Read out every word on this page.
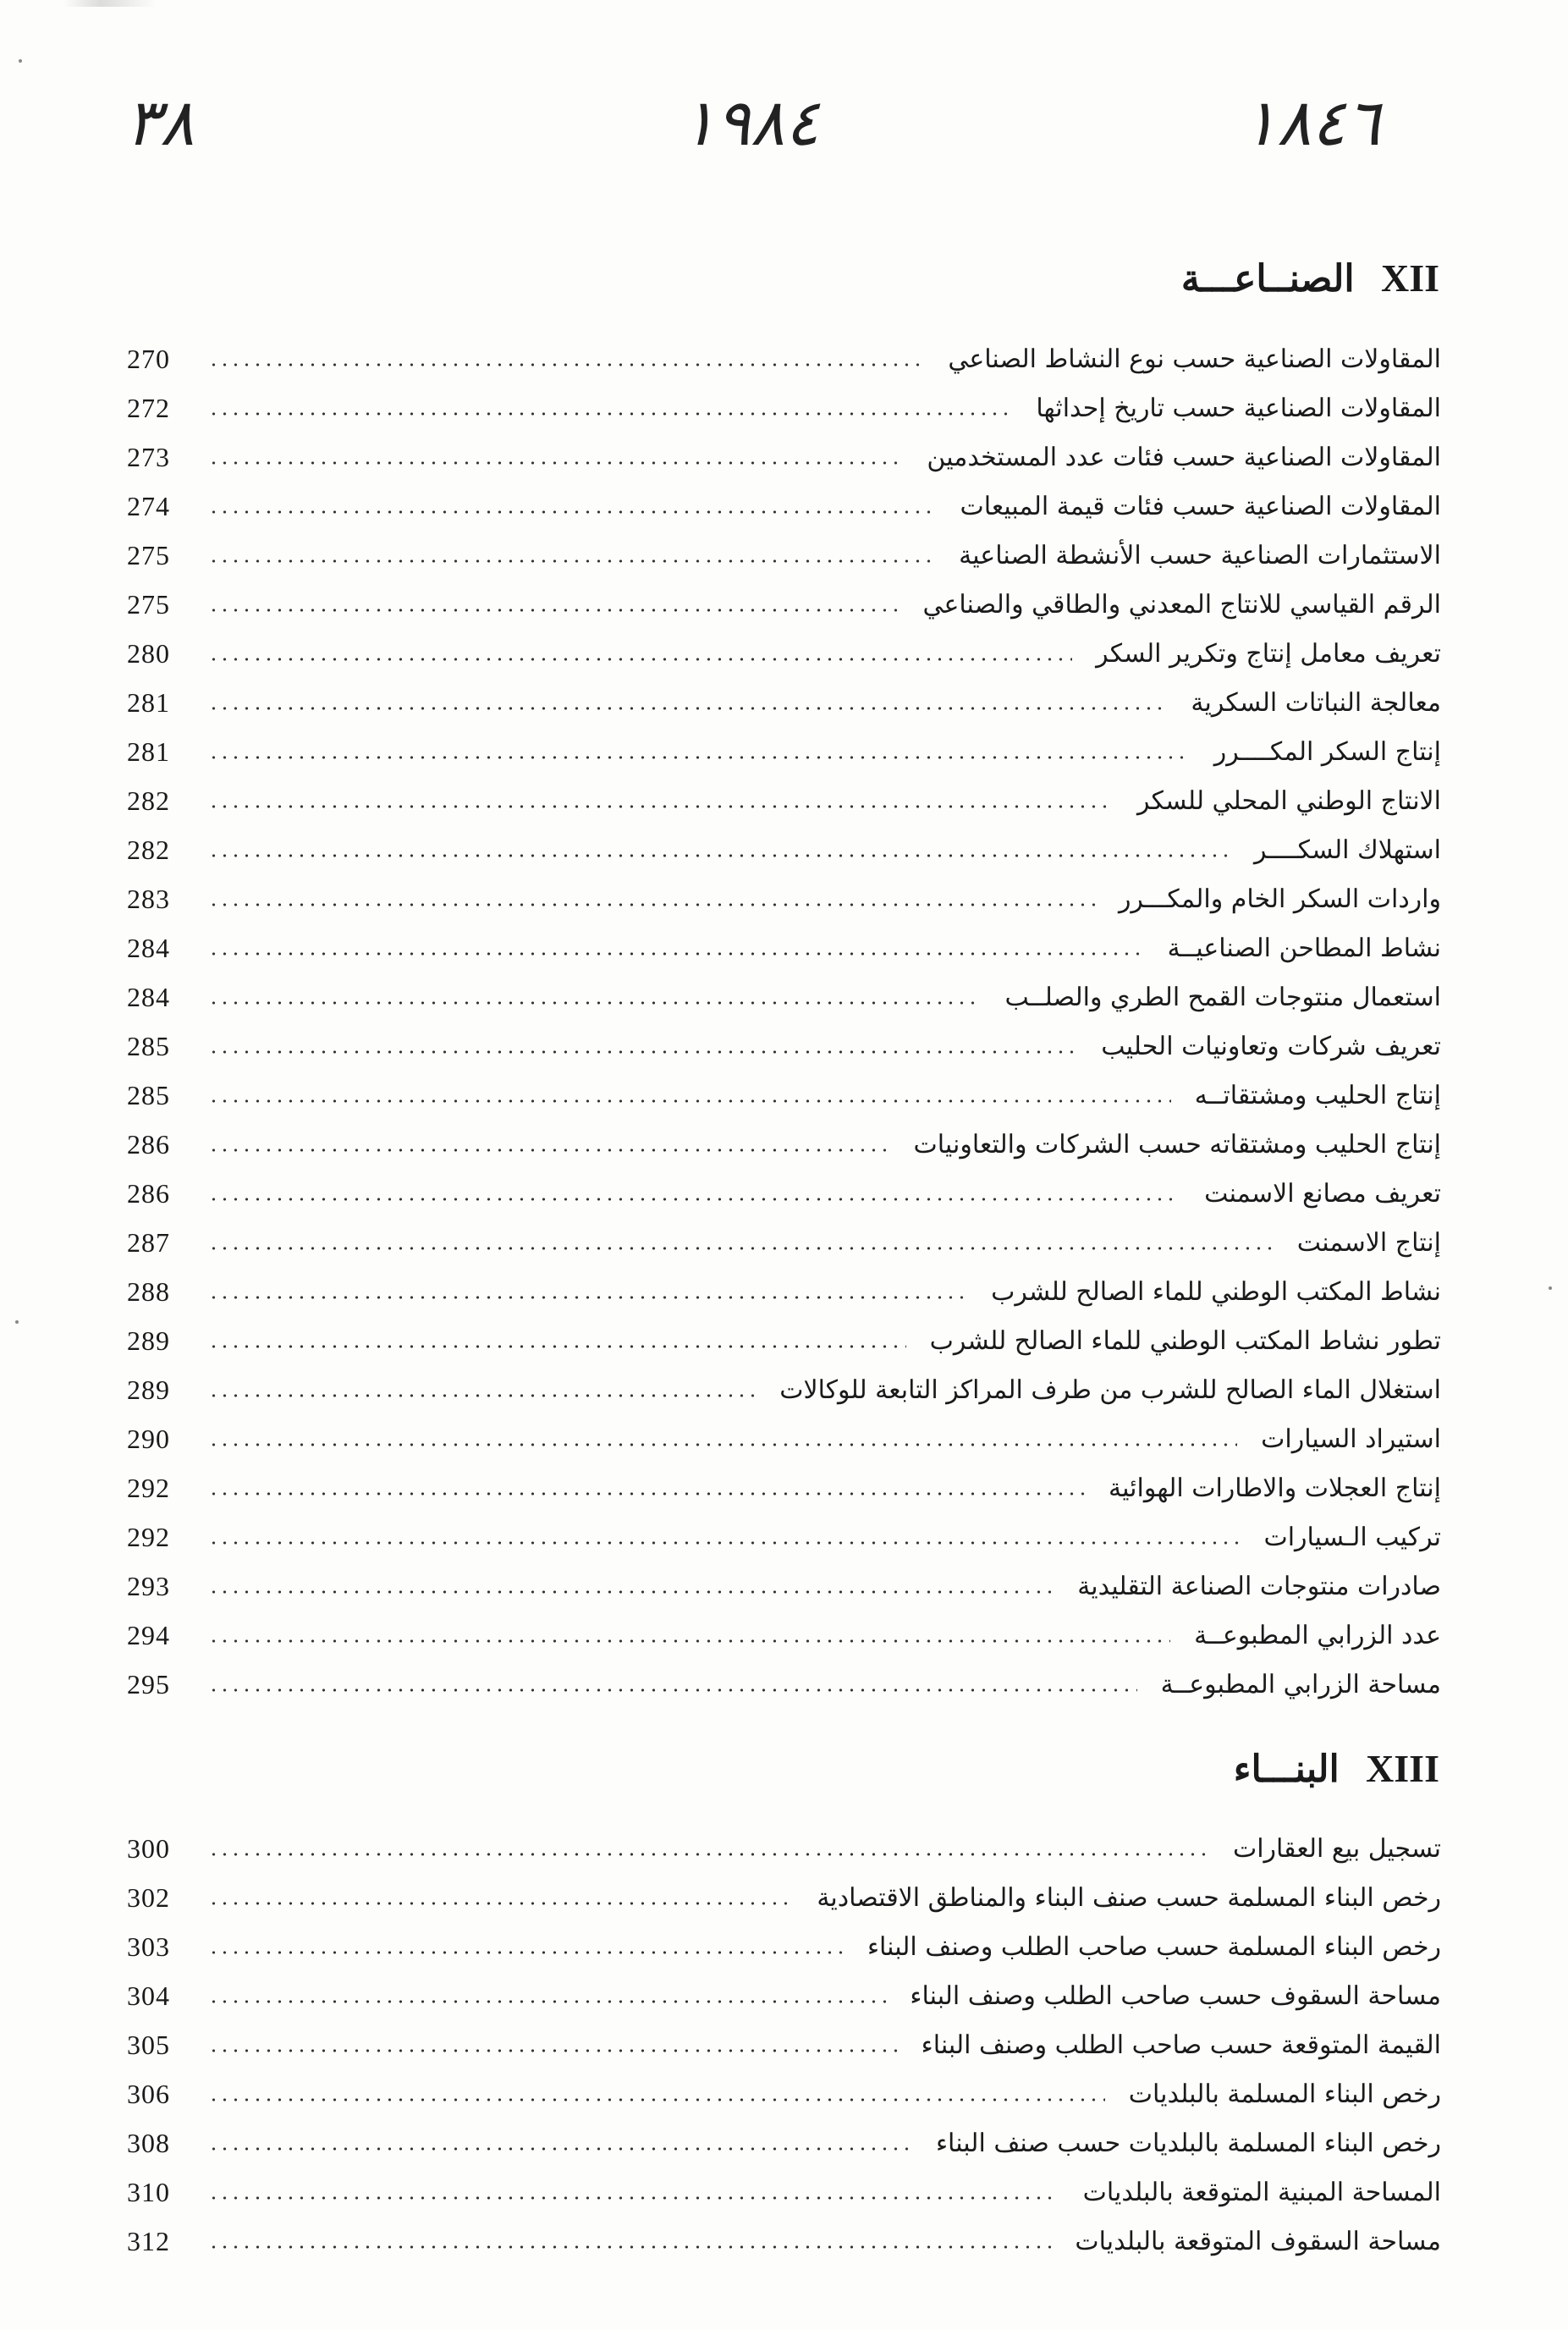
٣٨	١٩٨٤	١٨٤٦
XII الصنــاعـــة
المقاولات الصناعية حسب نوع النشاط الصناعي
270
المقاولات الصناعية حسب تاريخ إحداثها
272
المقاولات الصناعية حسب فئات عدد المستخدمين
273
المقاولات الصناعية حسب فئات قيمة المبيعات
274
الاستثمارات الصناعية حسب الأنشطة الصناعية
275
الرقم القياسي للانتاج المعدني والطاقي والصناعي
275
تعريف معامل إنتاج وتكرير السكر
280
معالجة النباتات السكرية
281
إنتاج السكر المكــــرر
281
الانتاج الوطني المحلي للسكر
282
استهلاك السكــــر
282
واردات السكر الخام والمكـــرر
283
نشاط المطاحن الصناعيــة
284
استعمال منتوجات القمح الطري والصلــب
284
تعريف شركات وتعاونيات الحليب
285
إنتاج الحليب ومشتقاتــه
285
إنتاج الحليب ومشتقاته حسب الشركات والتعاونيات
286
تعريف مصانع الاسمنت
286
إنتاج الاسمنت
287
نشاط المكتب الوطني للماء الصالح للشرب
288
تطور نشاط المكتب الوطني للماء الصالح للشرب
289
استغلال الماء الصالح للشرب من طرف المراكز التابعة للوكالات
289
استيراد السيارات
290
إنتاج العجلات والاطارات الهوائية
292
تركيب الـسيارات
292
صادرات منتوجات الصناعة التقليدية
293
عدد الزرابي المطبوعــة
294
مساحة الزرابي المطبوعــة
295
XIII البنـــاء
تسجيل بيع العقارات
300
رخص البناء المسلمة حسب صنف البناء والمناطق الاقتصادية
302
رخص البناء المسلمة حسب صاحب الطلب وصنف البناء
303
مساحة السقوف حسب صاحب الطلب وصنف البناء
304
القيمة المتوقعة حسب صاحب الطلب وصنف البناء
305
رخص البناء المسلمة بالبلديات
306
رخص البناء المسلمة بالبلديات حسب صنف البناء
308
المساحة المبنية المتوقعة بالبلديات
310
مساحة السقوف المتوقعة بالبلديات
312
